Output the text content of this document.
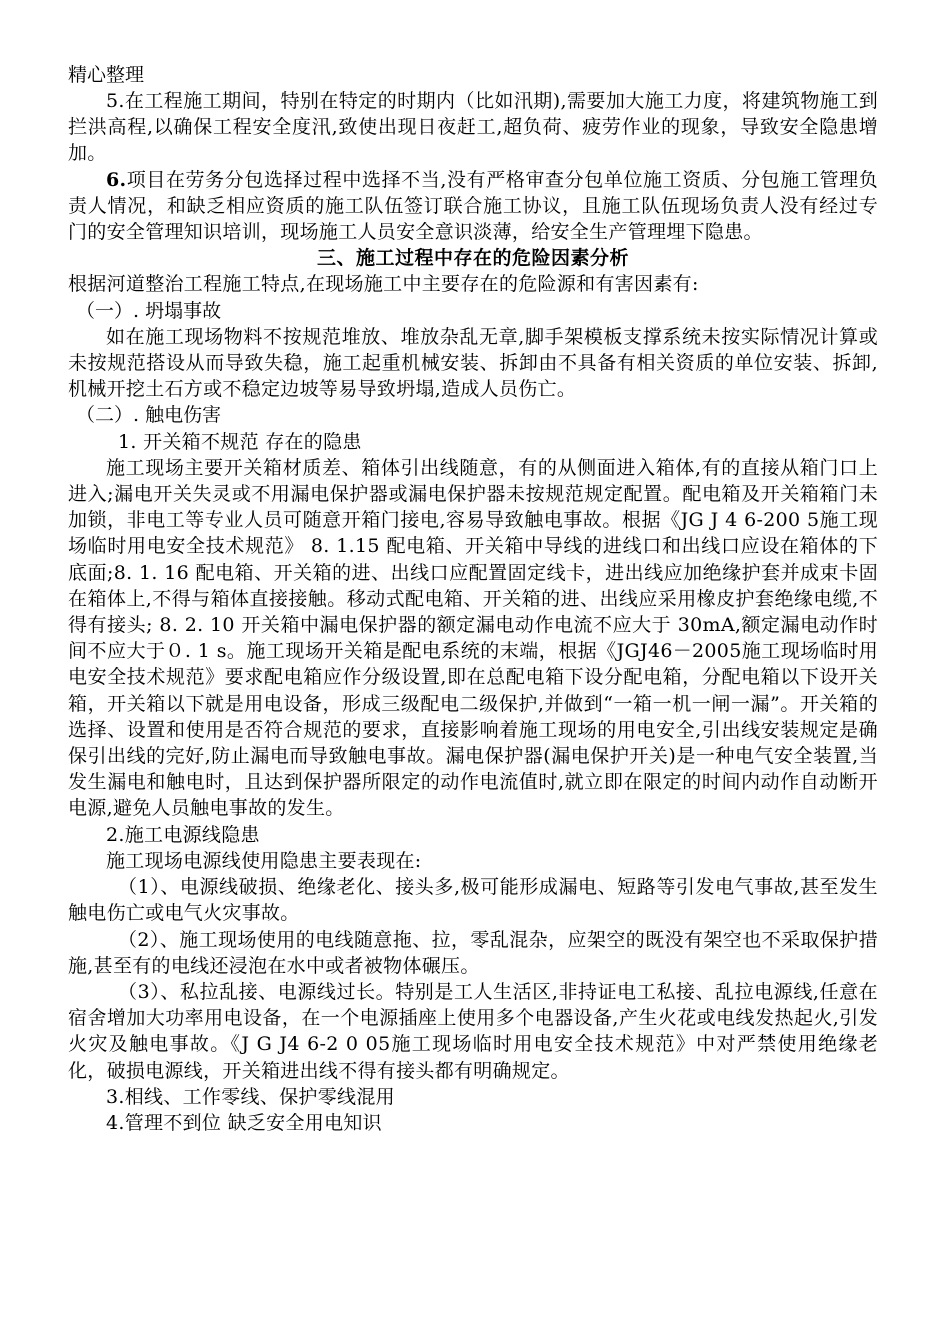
精心整理

5.在工程施工期间，特别在特定的时期内（比如汛期),需要加大施工力度，将建筑物施工到拦洪高程,以确保工程安全度汛,致使出现日夜赶工,超负荷、疲劳作业的现象，导致安全隐患增加。

6.项目在劳务分包选择过程中选择不当,没有严格审查分包单位施工资质、分包施工管理负责人情况，和缺乏相应资质的施工队伍签订联合施工协议，且施工队伍现场负责人没有经过专门的安全管理知识培训，现场施工人员安全意识淡薄，给安全生产管理埋下隐患。

三、施工过程中存在的危险因素分析

根据河道整治工程施工特点,在现场施工中主要存在的危险源和有害因素有:

（一）. 坍塌事故

如在施工现场物料不按规范堆放、堆放杂乱无章,脚手架模板支撑系统未按实际情况计算或未按规范搭设从而导致失稳，施工起重机械安装、拆卸由不具备有相关资质的单位安装、拆卸,机械开挖土石方或不稳定边坡等易导致坍塌,造成人员伤亡。

（二）. 触电伤害

1. 开关箱不规范 存在的隐患

施工现场主要开关箱材质差、箱体引出线随意，有的从侧面进入箱体,有的直接从箱门口上进入;漏电开关失灵或不用漏电保护器或漏电保护器未按规范规定配置。配电箱及开关箱箱门未加锁，非电工等专业人员可随意开箱门接电,容易导致触电事故。根据《JG J 4 6-200 5施工现场临时用电安全技术规范》 8. 1.15 配电箱、开关箱中导线的进线口和出线口应设在箱体的下底面;8. 1. 16 配电箱、开关箱的进、出线口应配置固定线卡，进出线应加绝缘护套并成束卡固在箱体上,不得与箱体直接接触。移动式配电箱、开关箱的进、出线应采用橡皮护套绝缘电缆,不得有接头; 8. 2. 10 开关箱中漏电保护器的额定漏电动作电流不应大于 30mA,额定漏电动作时间不应大于０. 1 s。施工现场开关箱是配电系统的末端，根据《JGJ46－2005施工现场临时用电安全技术规范》要求配电箱应作分级设置,即在总配电箱下设分配电箱，分配电箱以下设开关箱，开关箱以下就是用电设备，形成三级配电二级保护,并做到“一箱一机一闸一漏”。开关箱的选择、设置和使用是否符合规范的要求，直接影响着施工现场的用电安全,引出线安装规定是确保引出线的完好,防止漏电而导致触电事故。漏电保护器(漏电保护开关)是一种电气安全装置,当发生漏电和触电时，且达到保护器所限定的动作电流值时,就立即在限定的时间内动作自动断开电源,避免人员触电事故的发生。

2.施工电源线隐患

施工现场电源线使用隐患主要表现在:

（1）、电源线破损、绝缘老化、接头多,极可能形成漏电、短路等引发电气事故,甚至发生触电伤亡或电气火灾事故。

（2）、施工现场使用的电线随意拖、拉，零乱混杂，应架空的既没有架空也不采取保护措施,甚至有的电线还浸泡在水中或者被物体碾压。

（3）、私拉乱接、电源线过长。特别是工人生活区,非持证电工私接、乱拉电源线,任意在宿舍增加大功率用电设备，在一个电源插座上使用多个电器设备,产生火花或电线发热起火,引发火灾及触电事故。《J G J4 6-2 0 05施工现场临时用电安全技术规范》中对严禁使用绝缘老化，破损电源线，开关箱进出线不得有接头都有明确规定。

3.相线、工作零线、保护零线混用

4.管理不到位 缺乏安全用电知识
